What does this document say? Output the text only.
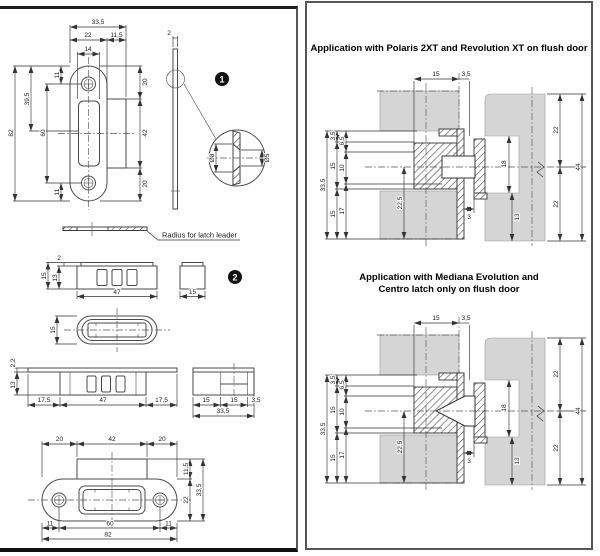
33,5
22	11,5
14
82
39,5
60
11
11
20
42
20
2
Ø8	Ø5
1
Radius for latch leader
2
15 13
47	15
2
15
2,2
13
17,5	47	17,5	15	15 3,5
33,5
20	42	20
11,5
22
33,5
11	60	11
82
Application with Polaris 2XT and Revolution XT on flush door
15	3,5
33,5
3,5
15
15
6,5
10
17
22,5
22
22
44
18
13
3
Application with Mediana Evolution and
Centro latch only on flush door
15	3,5
33,5
3,5
15
15
6,5
10
17
22,5
22
22
44
18
13
3
